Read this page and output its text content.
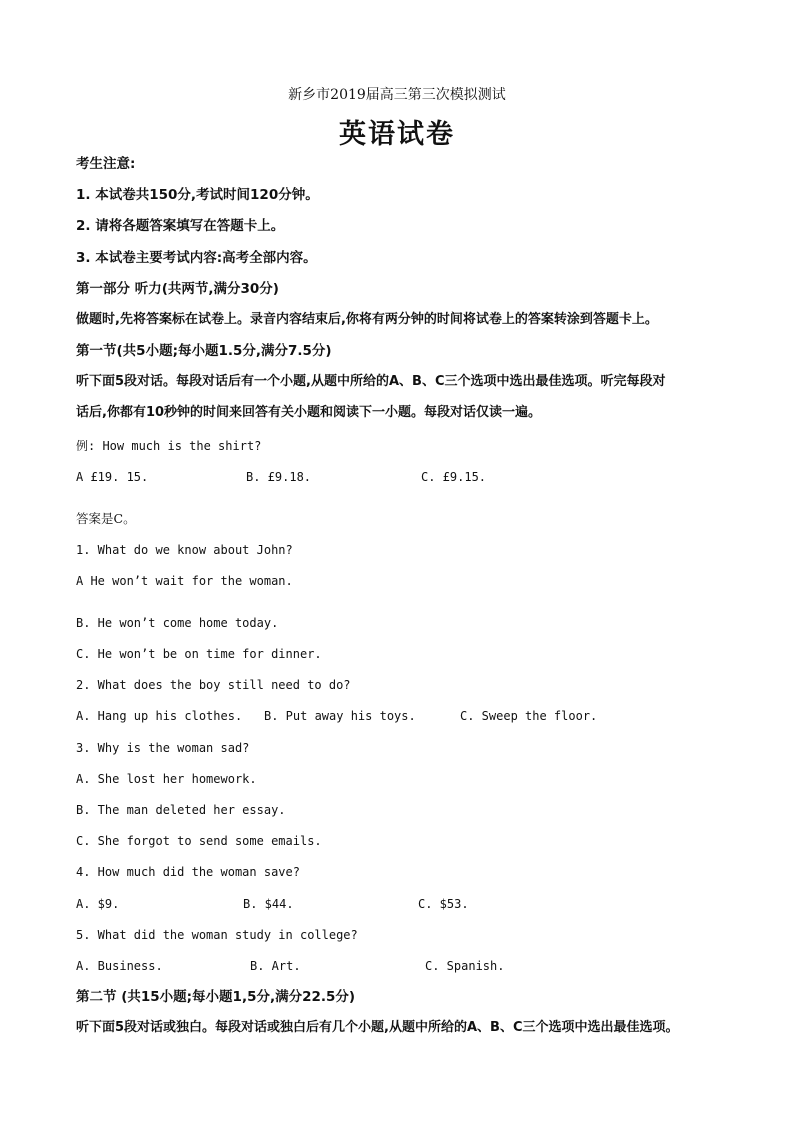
新乡市2019届高三第三次模拟测试
英语试卷
考生注意:
1. 本试卷共150分,考试时间120分钟。
2. 请将各题答案填写在答题卡上。
3. 本试卷主要考试内容:高考全部内容。
第一部分 听力(共两节,满分30分)
做题时,先将答案标在试卷上。录音内容结束后,你将有两分钟的时间将试卷上的答案转涂到答题卡上。
第一节(共5小题;每小题1.5分,满分7.5分)
听下面5段对话。每段对话后有一个小题,从题中所给的A、B、C三个选项中选出最佳选项。听完每段对
话后,你都有10秒钟的时间来回答有关小题和阅读下一小题。每段对话仅读一遍。
例: How much is the shirt?
A £19. 15.	B. £9.18.	C. £9.15.
答案是C。
1. What do we know about John?
A He won’t wait for the woman.
B. He won’t come home today.
C. He won’t be on time for dinner.
2. What does the boy still need to do?
A. Hang up his clothes. B. Put away his toys.	C. Sweep the floor.
3. Why is the woman sad?
A. She lost her homework.
B. The man deleted her essay.
C. She forgot to send some emails.
4. How much did the woman save?
A. $9.	B. $44.	C. $53.
5. What did the woman study in college?
A. Business.	B. Art.	C. Spanish.
第二节 (共15小题;每小题1,5分,满分22.5分)
听下面5段对话或独白。每段对话或独白后有几个小题,从题中所给的A、B、C三个选项中选出最佳选项。
